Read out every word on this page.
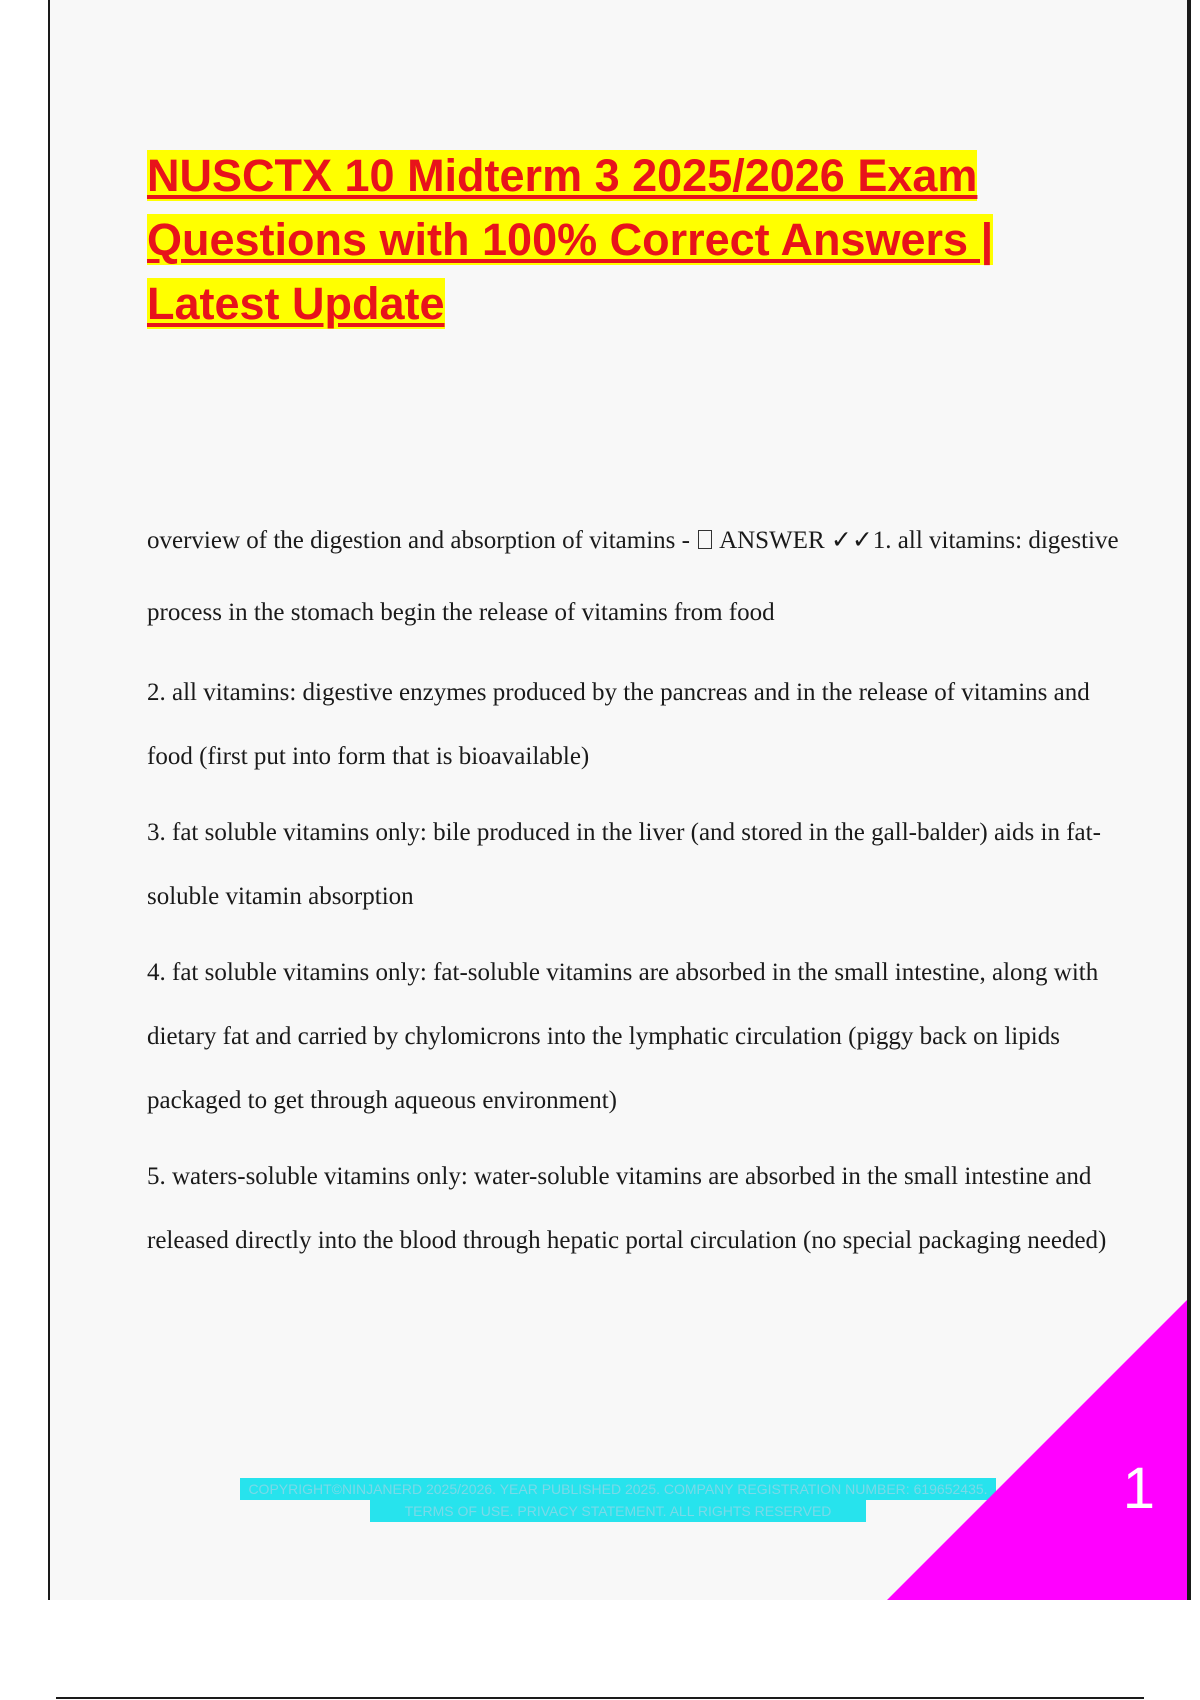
NUSCTX 10 Midterm 3 2025/2026 Exam Questions with 100% Correct Answers | Latest Update

overview of the digestion and absorption of vitamins -  ANSWER ✓✓1. all vitamins: digestive process in the stomach begin the release of vitamins from food

2. all vitamins: digestive enzymes produced by the pancreas and in the release of vitamins and food (first put into form that is bioavailable)

3. fat soluble vitamins only: bile produced in the liver (and stored in the gall-balder) aids in fat-soluble vitamin absorption

4. fat soluble vitamins only: fat-soluble vitamins are absorbed in the small intestine, along with dietary fat and carried by chylomicrons into the lymphatic circulation (piggy back on lipids packaged to get through aqueous environment)

5. waters-soluble vitamins only: water-soluble vitamins are absorbed in the small intestine and released directly into the blood through hepatic portal circulation (no special packaging needed)

COPYRIGHT©NINJANERD 2025/2026. YEAR PUBLISHED 2025. COMPANY REGISTRATION NUMBER: 619652435.
TERMS OF USE. PRIVACY STATEMENT. ALL RIGHTS RESERVED	1
